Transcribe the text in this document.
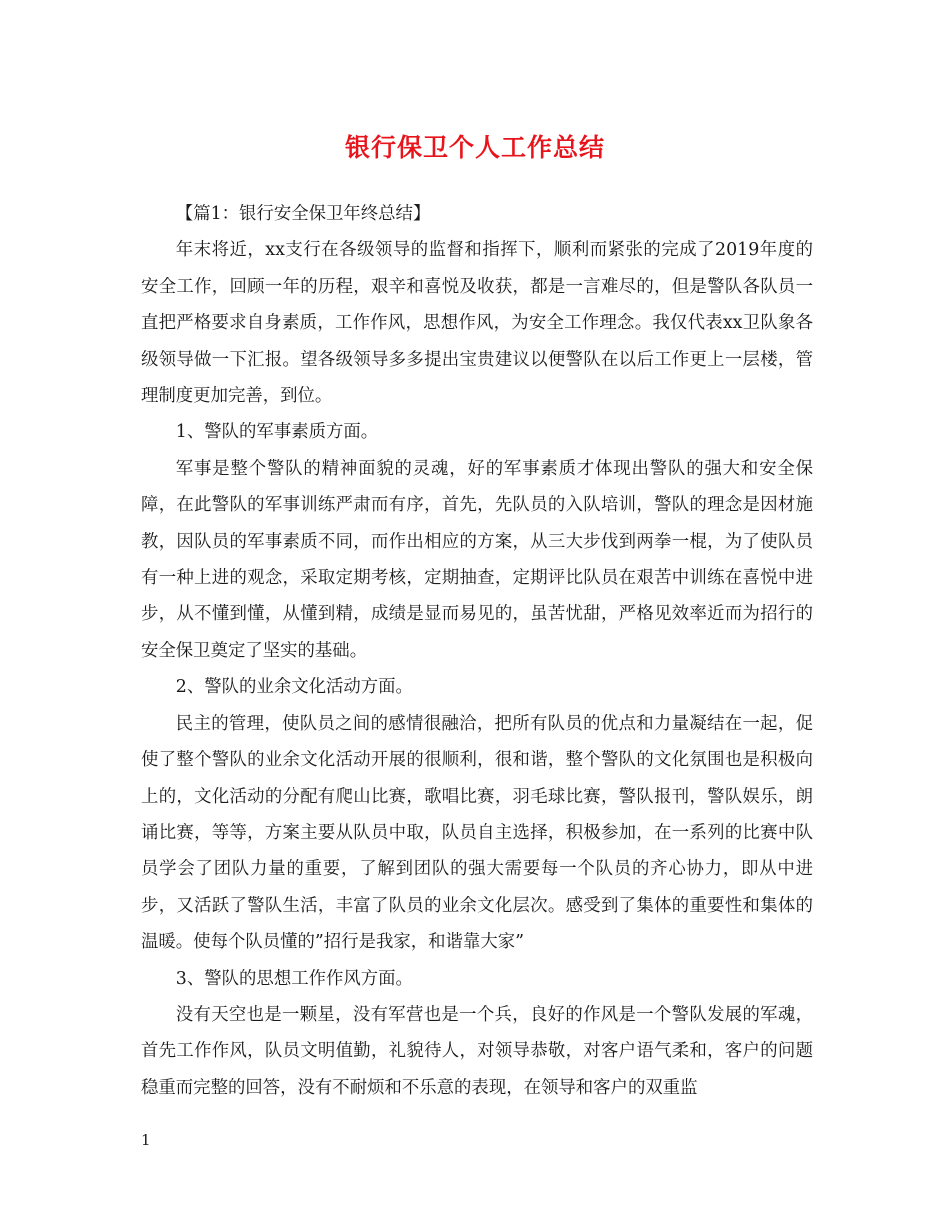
银行保卫个人工作总结

【篇1：银行安全保卫年终总结】

年末将近，xx支行在各级领导的监督和指挥下，顺利而紧张的完成了2019年度的安全工作，回顾一年的历程，艰辛和喜悦及收获，都是一言难尽的，但是警队各队员一直把严格要求自身素质，工作作风，思想作风，为安全工作理念。我仅代表xx卫队象各级领导做一下汇报。望各级领导多多提出宝贵建议以便警队在以后工作更上一层楼，管理制度更加完善，到位。

1、警队的军事素质方面。

军事是整个警队的精神面貌的灵魂，好的军事素质才体现出警队的强大和安全保障，在此警队的军事训练严肃而有序，首先，先队员的入队培训，警队的理念是因材施教，因队员的军事素质不同，而作出相应的方案，从三大步伐到两拳一棍，为了使队员有一种上进的观念，采取定期考核，定期抽查，定期评比队员在艰苦中训练在喜悦中进步，从不懂到懂，从懂到精，成绩是显而易见的，虽苦忧甜，严格见效率近而为招行的安全保卫奠定了坚实的基础。

2、警队的业余文化活动方面。

民主的管理，使队员之间的感情很融洽，把所有队员的优点和力量凝结在一起，促使了整个警队的业余文化活动开展的很顺利，很和谐，整个警队的文化氛围也是积极向上的，文化活动的分配有爬山比赛，歌唱比赛，羽毛球比赛，警队报刊，警队娱乐，朗诵比赛，等等，方案主要从队员中取，队员自主选择，积极参加，在一系列的比赛中队员学会了团队力量的重要，了解到团队的强大需要每一个队员的齐心协力，即从中进步，又活跃了警队生活，丰富了队员的业余文化层次。感受到了集体的重要性和集体的温暖。使每个队员懂的”招行是我家，和谐靠大家”

3、警队的思想工作作风方面。

没有天空也是一颗星，没有军营也是一个兵，良好的作风是一个警队发展的军魂，首先工作作风，队员文明值勤，礼貌待人，对领导恭敬，对客户语气柔和，客户的问题稳重而完整的回答，没有不耐烦和不乐意的表现，在领导和客户的双重监

1
